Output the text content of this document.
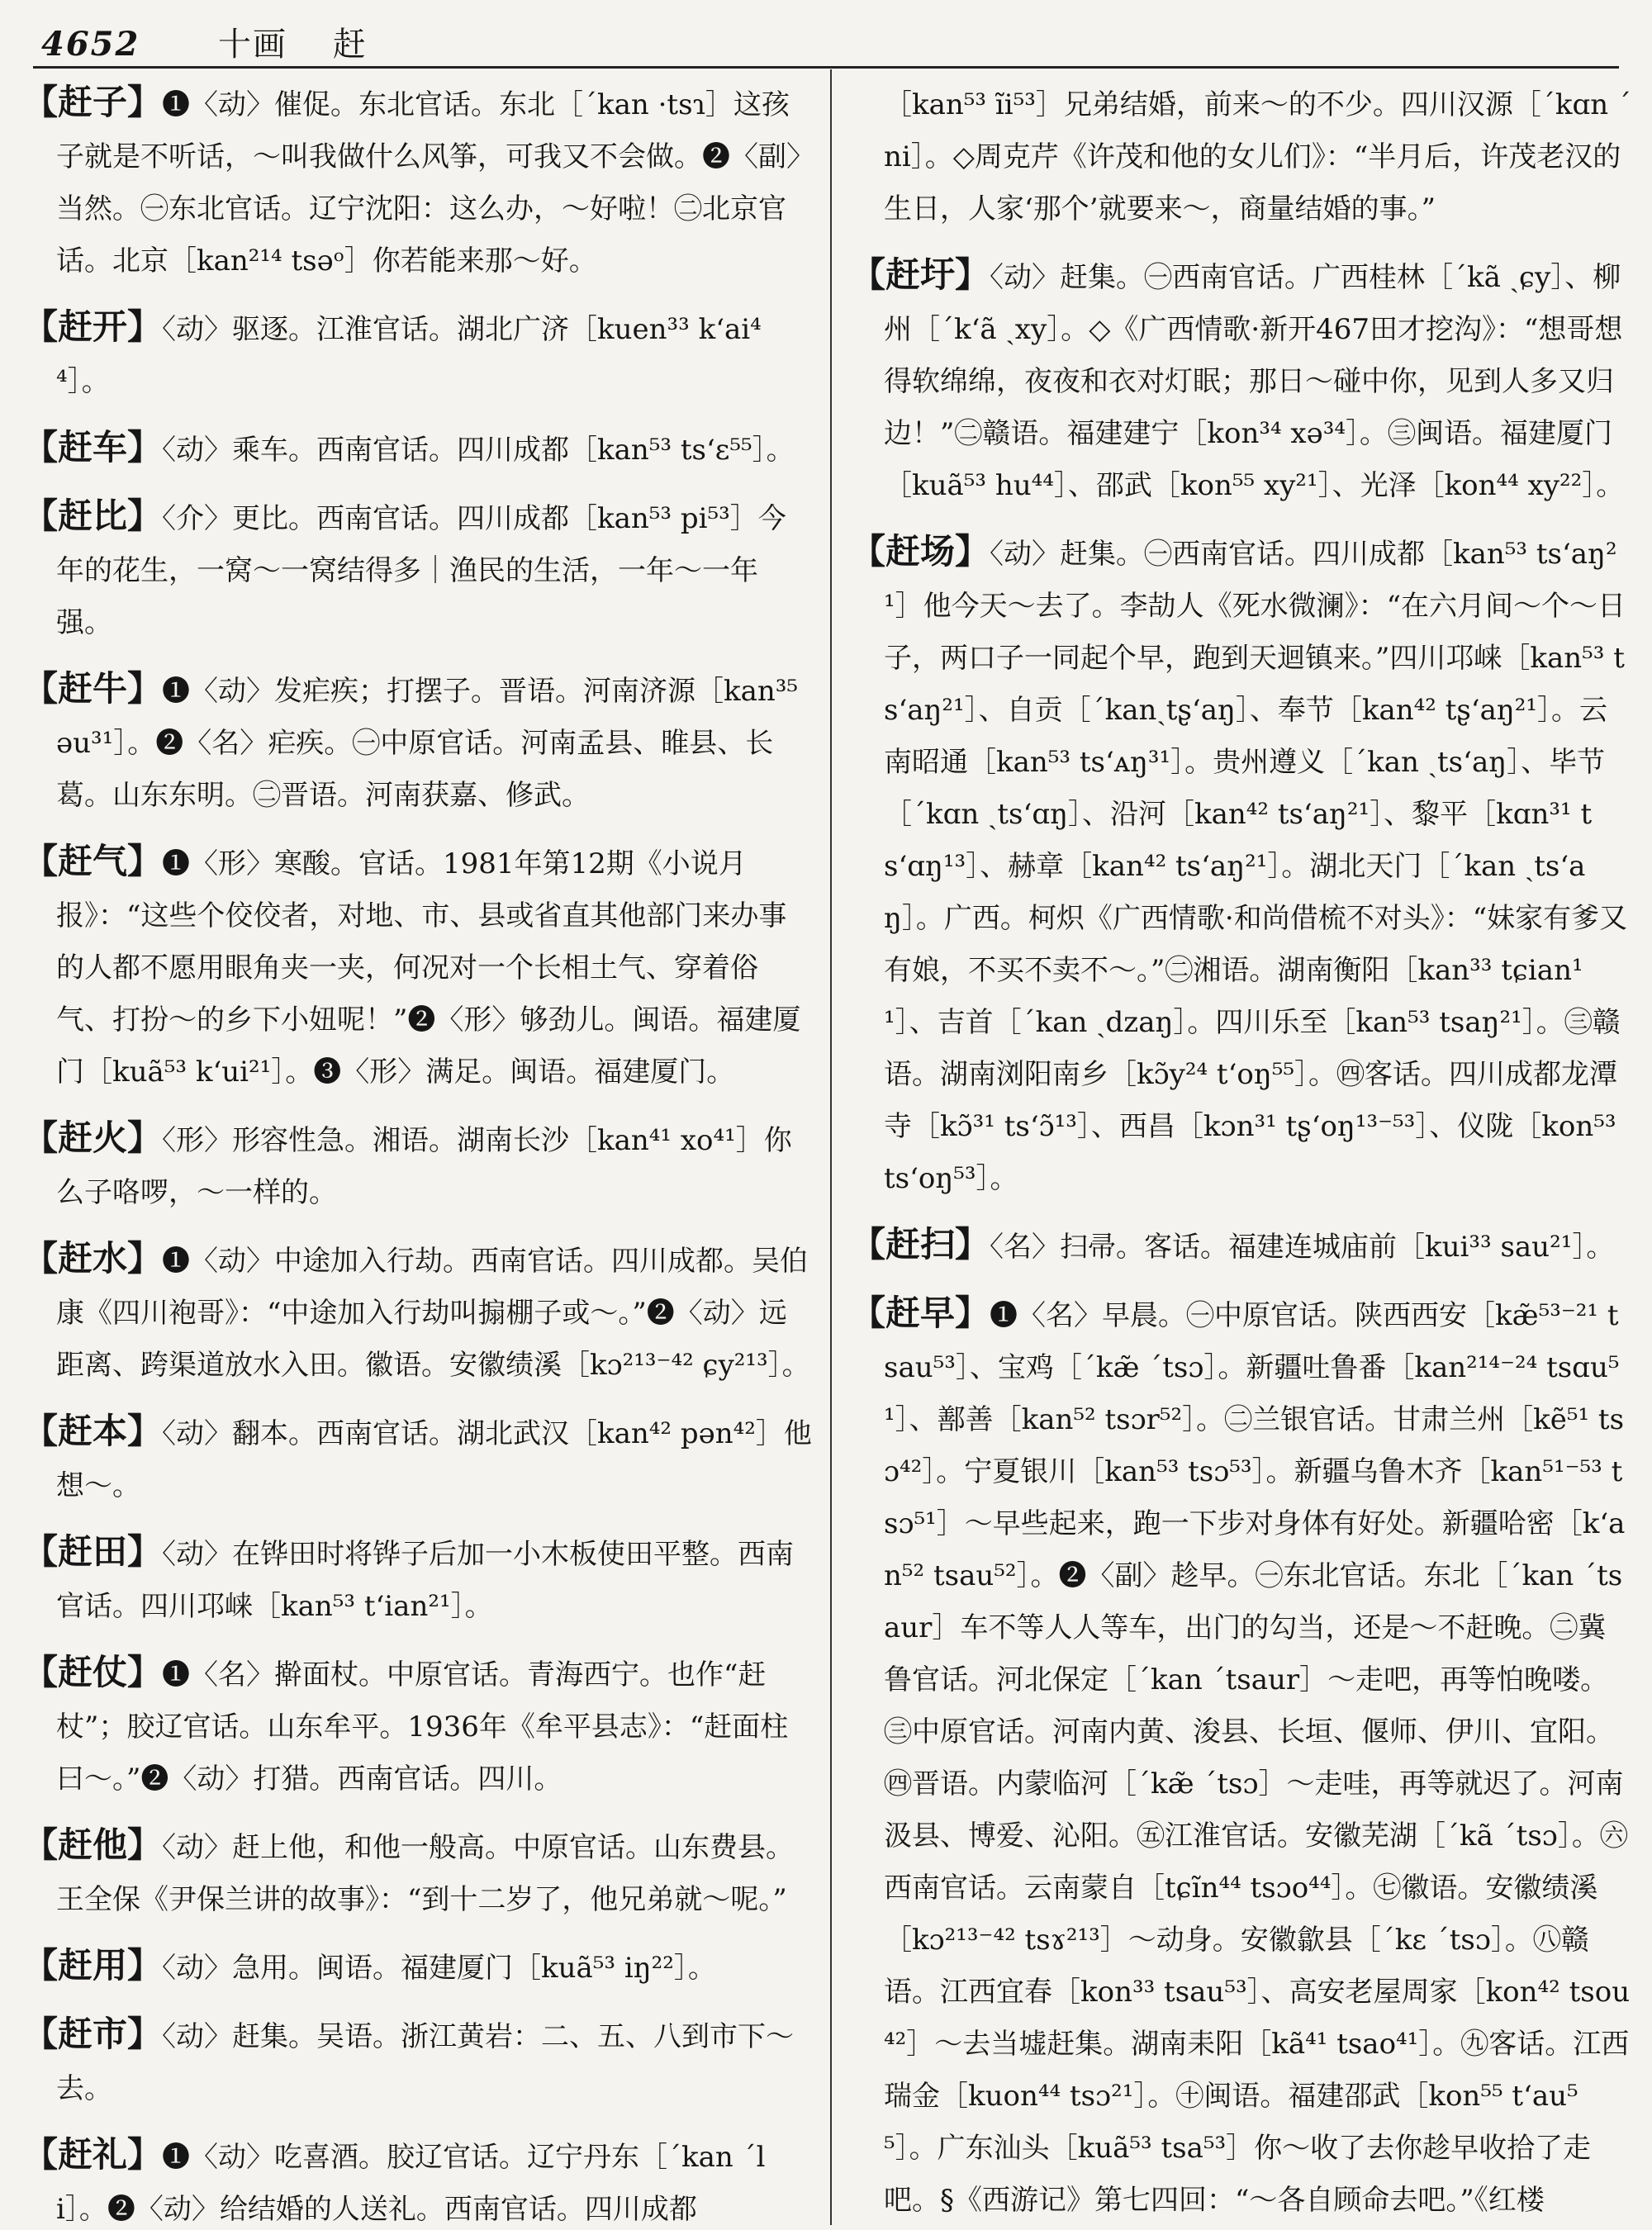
4652 十画 赶

【赶子】❶〈动〉催促。东北官话。东北［ˊkan ·tsɿ］这孩子就是不听话，～叫我做什么风筝，可我又不会做。❷〈副〉当然。㊀东北官话。辽宁沈阳：这么办，～好啦！㊁北京官话。北京［kan²¹⁴ tsəᵒ］你若能来那～好。

【赶开】〈动〉驱逐。江淮官话。湖北广济［kuen³³ k‘ai⁴⁴］。

【赶车】〈动〉乘车。西南官话。四川成都［kan⁵³ ts‘ɛ⁵⁵］。

【赶比】〈介〉更比。西南官话。四川成都［kan⁵³ pi⁵³］今年的花生，一窝～一窝结得多｜渔民的生活，一年～一年强。

【赶牛】❶〈动〉发疟疾；打摆子。晋语。河南济源［kan³⁵ əu³¹］。❷〈名〉疟疾。㊀中原官话。河南孟县、睢县、长葛。山东东明。㊁晋语。河南获嘉、修武。

【赶气】❶〈形〉寒酸。官话。1981年第12期《小说月报》：“这些个佼佼者，对地、市、县或省直其他部门来办事的人都不愿用眼角夹一夹，何况对一个长相土气、穿着俗气、打扮～的乡下小妞呢！”❷〈形〉够劲儿。闽语。福建厦门［kuã⁵³ k‘ui²¹］。❸〈形〉满足。闽语。福建厦门。

【赶火】〈形〉形容性急。湘语。湖南长沙［kan⁴¹ xo⁴¹］你么子咯啰，～一样的。

【赶水】❶〈动〉中途加入行劫。西南官话。四川成都。吴伯康《四川袍哥》：“中途加入行劫叫搧棚子或～。”❷〈动〉远距离、跨渠道放水入田。徽语。安徽绩溪［kɔ²¹³⁻⁴² ɕy²¹³］。

【赶本】〈动〉翻本。西南官话。湖北武汉［kan⁴² pən⁴²］他想～。

【赶田】〈动〉在铧田时将铧子后加一小木板使田平整。西南官话。四川邛崃［kan⁵³ t‘ian²¹］。

【赶仗】❶〈名〉擀面杖。中原官话。青海西宁。也作“赶杖”；胶辽官话。山东牟平。1936年《牟平县志》：“赶面柱曰～。”❷〈动〉打猎。西南官话。四川。

【赶他】〈动〉赶上他，和他一般高。中原官话。山东费县。王全保《尹保兰讲的故事》：“到十二岁了，他兄弟就～呢。”

【赶用】〈动〉急用。闽语。福建厦门［kuã⁵³ iŋ²²］。

【赶市】〈动〉赶集。吴语。浙江黄岩：二、五、八到市下～去。

【赶礼】❶〈动〉吃喜酒。胶辽官话。辽宁丹东［ˊkan ˊli］。❷〈动〉给结婚的人送礼。西南官话。四川成都

［kan⁵³ ĩi⁵³］兄弟结婚，前来～的不少。四川汉源［ˊkɑn ˊni］。◇周克芹《许茂和他的女儿们》：“半月后，许茂老汉的生日，人家‘那个’就要来～，商量结婚的事。”

【赶圩】〈动〉赶集。㊀西南官话。广西桂林［ˊkã ˏɕy］、柳州［ˊk‘ã ˏxy］。◇《广西情歌·新开467田才挖沟》：“想哥想得软绵绵，夜夜和衣对灯眠；那日～碰中你，见到人多又归边！”㊁赣语。福建建宁［kon³⁴ xə³⁴］。㊂闽语。福建厦门［kuã⁵³ hu⁴⁴］、邵武［kon⁵⁵ xy²¹］、光泽［kon⁴⁴ xy²²］。

【赶场】〈动〉赶集。㊀西南官话。四川成都［kan⁵³ ts‘aŋ²¹］他今天～去了。李劼人《死水微澜》：“在六月间～个～日子，两口子一同起个早，跑到天迴镇来。”四川邛崃［kan⁵³ ts‘aŋ²¹］、自贡［ˊkanˏtʂ‘aŋ］、奉节［kan⁴² tʂ‘aŋ²¹］。云南昭通［kan⁵³ ts‘ᴀŋ³¹］。贵州遵义［ˊkan ˏts‘aŋ］、毕节［ˊkɑn ˏts‘ɑŋ］、沿河［kan⁴² ts‘aŋ²¹］、黎平［kɑn³¹ ts‘ɑŋ¹³］、赫章［kan⁴² ts‘aŋ²¹］。湖北天门［ˊkan ˏts‘aŋ］。广西。柯炽《广西情歌·和尚借梳不对头》：“妹家有爹又有娘，不买不卖不～。”㊁湘语。湖南衡阳［kan³³ tɕian¹¹］、吉首［ˊkan ˏdzaŋ］。四川乐至［kan⁵³ tsaŋ²¹］。㊂赣语。湖南浏阳南乡［kɔ̃y²⁴ t‘oŋ⁵⁵］。㊃客话。四川成都龙潭寺［kɔ̃³¹ ts‘ɔ̃¹³］、西昌［kɔn³¹ tʂ‘oŋ¹³⁻⁵³］、仪陇［kon⁵³ ts‘oŋ⁵³］。

【赶扫】〈名〉扫帚。客话。福建连城庙前［kui³³ sau²¹］。

【赶早】❶〈名〉早晨。㊀中原官话。陕西西安［kæ̃⁵³⁻²¹ tsau⁵³］、宝鸡［ˊkæ̃ ˊtsɔ］。新疆吐鲁番［kan²¹⁴⁻²⁴ tsɑu⁵¹］、鄯善［kan⁵² tsɔr⁵²］。㊁兰银官话。甘肃兰州［kẽ⁵¹ tsɔ⁴²］。宁夏银川［kan⁵³ tsɔ⁵³］。新疆乌鲁木齐［kan⁵¹⁻⁵³ tsɔ⁵¹］～早些起来，跑一下步对身体有好处。新疆哈密［k‘an⁵² tsau⁵²］。❷〈副〉趁早。㊀东北官话。东北［ˊkan ˊtsaur］车不等人人等车，出门的勾当，还是～不赶晚。㊁冀鲁官话。河北保定［ˊkan ˊtsaur］～走吧，再等怕晚喽。㊂中原官话。河南内黄、浚县、长垣、偃师、伊川、宜阳。㊃晋语。内蒙临河［ˊkæ̃ ˊtsɔ］～走哇，再等就迟了。河南汲县、博爱、沁阳。㊄江淮官话。安徽芜湖［ˊkã ˊtsɔ］。㊅西南官话。云南蒙自［tɕĩn⁴⁴ tsɔo⁴⁴］。㊆徽语。安徽绩溪［kɔ²¹³⁻⁴² tsɤ²¹³］～动身。安徽歙县［ˊkɛ ˊtsɔ］。㊇赣语。江西宜春［kon³³ tsau⁵³］、高安老屋周家［kon⁴² tsou⁴²］～去当墟赶集。湖南耒阳［kã⁴¹ tsao⁴¹］。㊈客话。江西瑞金［kuon⁴⁴ tsɔ²¹］。㊉闽语。福建邵武［kon⁵⁵ t‘au⁵⁵］。广东汕头［kuã⁵³ tsa⁵³］你～收了去你趁早收拾了走吧。§《西游记》第七四回：“～各自顾命去吧。”《红楼
